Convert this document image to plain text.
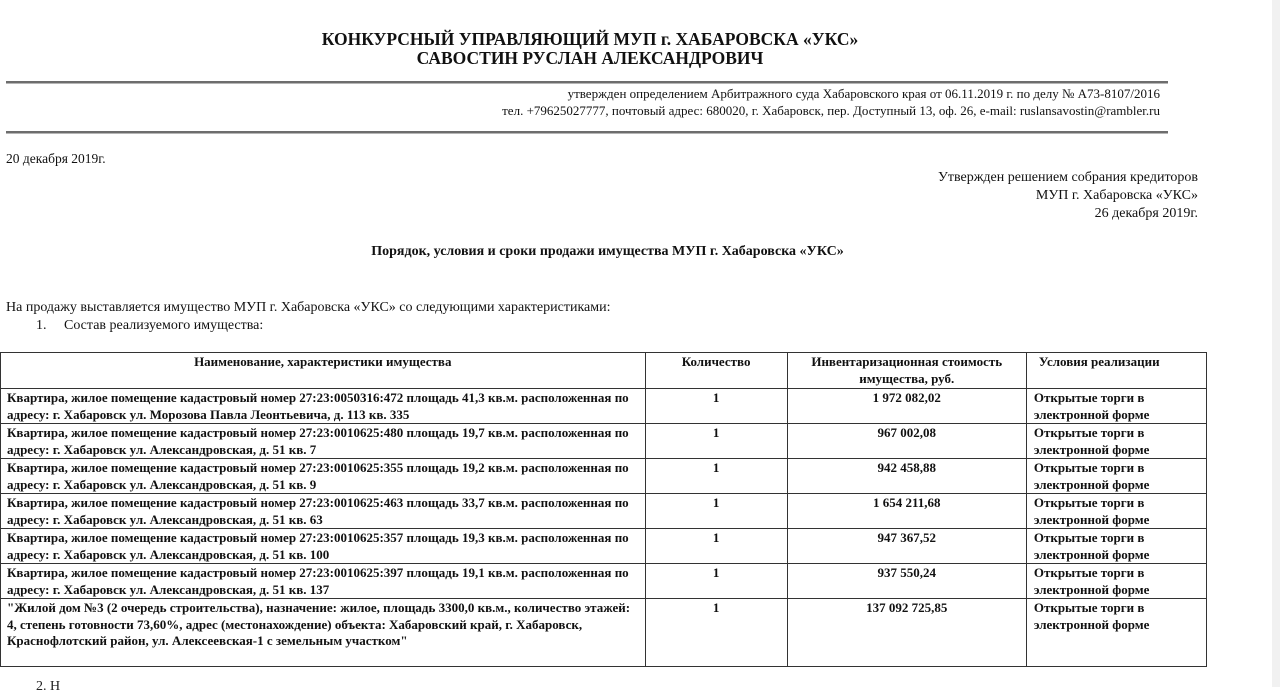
КОНКУРСНЫЙ УПРАВЛЯЮЩИЙ МУП г. ХАБАРОВСКА «УКС»
САВОСТИН РУСЛАН АЛЕКСАНДРОВИЧ
утвержден определением Арбитражного суда Хабаровского края от 06.11.2019 г. по делу № А73-8107/2016
тел. +79625027777, почтовый адрес: 680020, г. Хабаровск, пер. Доступный 13, оф. 26, e-mail: ruslansavostin@rambler.ru
20 декабря 2019г.
Утвержден решением собрания кредиторов
МУП г. Хабаровска «УКС»
26 декабря 2019г.
Порядок, условия и сроки продажи имущества МУП г. Хабаровска «УКС»
На продажу выставляется имущество МУП г. Хабаровска «УКС» со следующими характеристиками:
1. Состав реализуемого имущества:
Наименование, характеристики имущества	Количество	Инвентаризационная стоимость имущества, руб.	Условия реализации
Квартира, жилое помещение кадастровый номер 27:23:0050316:472 площадь 41,3 кв.м. расположенная по адресу: г. Хабаровск ул. Морозова Павла Леонтьевича, д. 113 кв. 335	1	1 972 082,02	Открытые торги в электронной форме
Квартира, жилое помещение кадастровый номер 27:23:0010625:480 площадь 19,7 кв.м. расположенная по адресу: г. Хабаровск ул. Александровская, д. 51 кв. 7	1	967 002,08	Открытые торги в электронной форме
Квартира, жилое помещение кадастровый номер 27:23:0010625:355 площадь 19,2 кв.м. расположенная по адресу: г. Хабаровск ул. Александровская, д. 51 кв. 9	1	942 458,88	Открытые торги в электронной форме
Квартира, жилое помещение кадастровый номер 27:23:0010625:463 площадь 33,7 кв.м. расположенная по адресу: г. Хабаровск ул. Александровская, д. 51 кв. 63	1	1 654 211,68	Открытые торги в электронной форме
Квартира, жилое помещение кадастровый номер 27:23:0010625:357 площадь 19,3 кв.м. расположенная по адресу: г. Хабаровск ул. Александровская, д. 51 кв. 100	1	947 367,52	Открытые торги в электронной форме
Квартира, жилое помещение кадастровый номер 27:23:0010625:397 площадь 19,1 кв.м. расположенная по адресу: г. Хабаровск ул. Александровская, д. 51 кв. 137	1	937 550,24	Открытые торги в электронной форме
"Жилой дом №3 (2 очередь строительства), назначение: жилое, площадь 3300,0 кв.м., количество этажей: 4, степень готовности 73,60%, адрес (местонахождение) объекта: Хабаровский край, г. Хабаровск, Краснофлотский район, ул. Алексеевская-1 с земельным участком"	1	137 092 725,85	Открытые торги в электронной форме
2. Н
